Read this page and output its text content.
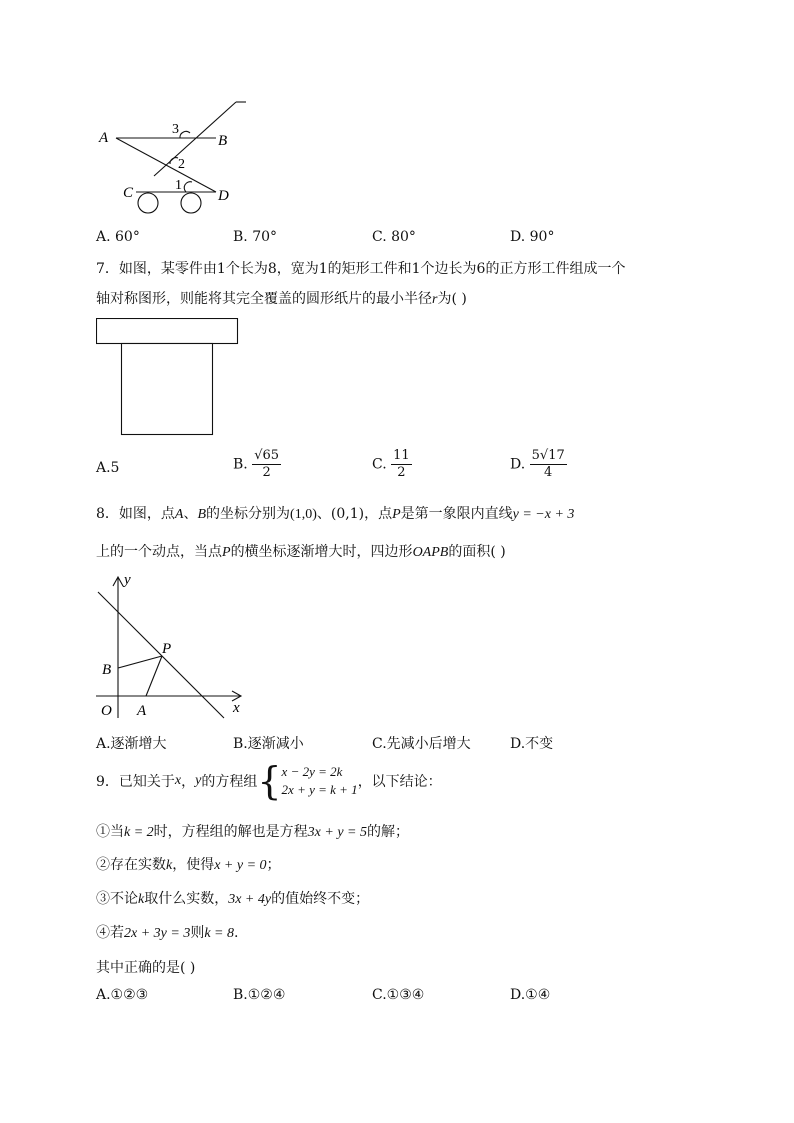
A	B
C	D
3
2
1
A. 60°	B. 70°	C. 80°	D. 90°
7．如图，某零件由1个长为8，宽为1的矩形工件和1个边长为6的正方形工件组成一个
轴对称图形，则能将其完全覆盖的圆形纸片的最小半径r为( )
A.5	B. $\frac{√65}{2}$	C. $\frac{11}{2}$	D. $\frac{5√17}{4}$
8．如图，点A、B的坐标分别为(1,0)、(0,1)，点P是第一象限内直线y = −x + 3
上的一个动点，当点P的横坐标逐渐增大时，四边形OAPB的面积( )
y
x
O A
B
P
A.逐渐增大	B.逐渐减小	C.先减小后增大	D.不变
9．已知关于x，y的方程组{ x − 2y = 2k
2x + y = k + 1 ，以下结论：
①当k = 2时，方程组的解也是方程3x + y = 5的解；
②存在实数k，使得x + y = 0；
③不论k取什么实数，3x + 4y的值始终不变；
④若2x + 3y = 3则k = 8.
其中正确的是( )
A.①②③	B.①②④	C.①③④	D.①④
